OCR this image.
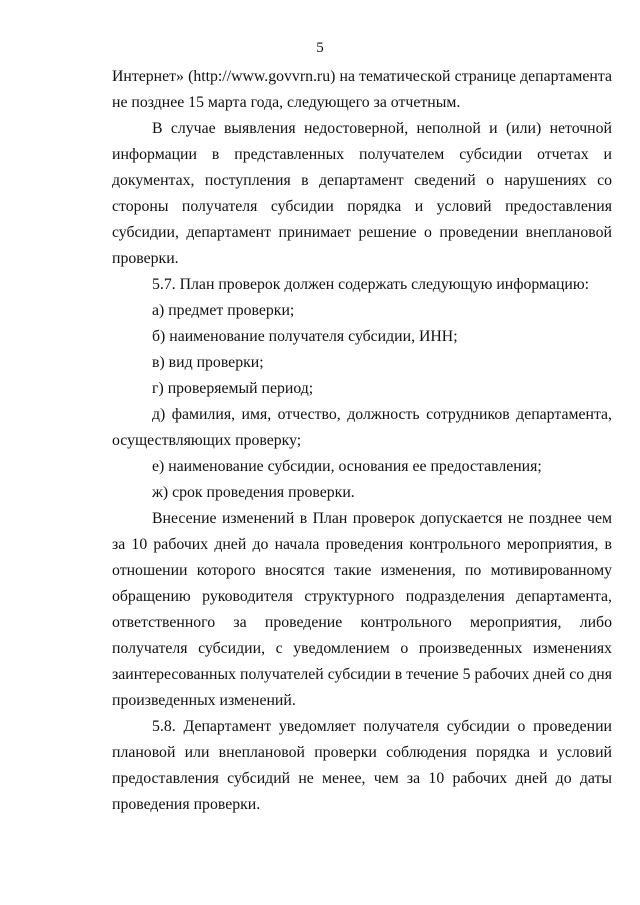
5

Интернет» (http://www.govvrn.ru) на тематической странице департамента не позднее 15 марта года, следующего за отчетным.

В случае выявления недостоверной, неполной и (или) неточной информации в представленных получателем субсидии отчетах и документах, поступления в департамент сведений о нарушениях со стороны получателя субсидии порядка и условий предоставления субсидии, департамент принимает решение о проведении внеплановой проверки.

5.7. План проверок должен содержать следующую информацию:

а) предмет проверки;

б) наименование получателя субсидии, ИНН;

в) вид проверки;

г) проверяемый период;

д) фамилия, имя, отчество, должность сотрудников департамента, осуществляющих проверку;

е) наименование субсидии, основания ее предоставления;

ж) срок проведения проверки.

Внесение изменений в План проверок допускается не позднее чем за 10 рабочих дней до начала проведения контрольного мероприятия, в отношении которого вносятся такие изменения, по мотивированному обращению руководителя структурного подразделения департамента, ответственного за проведение контрольного мероприятия, либо получателя субсидии, с уведомлением о произведенных изменениях заинтересованных получателей субсидии в течение 5 рабочих дней со дня произведенных изменений.

5.8. Департамент уведомляет получателя субсидии о проведении плановой или внеплановой проверки соблюдения порядка и условий предоставления субсидий не менее, чем за 10 рабочих дней до даты проведения проверки.
